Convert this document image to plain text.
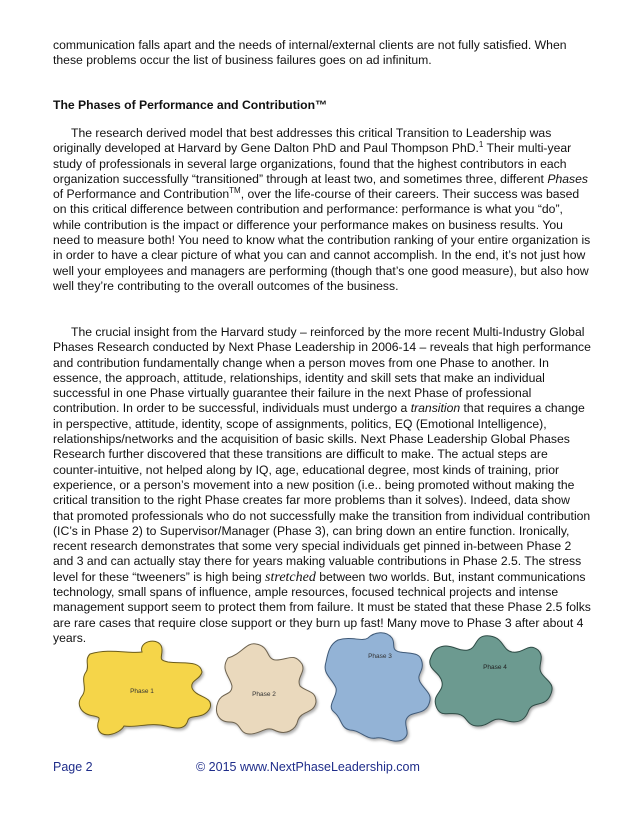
communication falls apart and the needs of internal/external clients are not fully satisfied. When these problems occur the list of business failures goes on ad infinitum.

The Phases of Performance and Contribution™

The research derived model that best addresses this critical Transition to Leadership was originally developed at Harvard by Gene Dalton PhD and Paul Thompson PhD.$^1$ Their multi-year study of professionals in several large organizations, found that the highest contributors in each organization successfully “transitioned” through at least two, and sometimes three, different Phases of Performance and Contribution™, over the life-course of their careers. Their success was based on this critical difference between contribution and performance: performance is what you “do”, while contribution is the impact or difference your performance makes on business results. You need to measure both! You need to know what the contribution ranking of your entire organization is in order to have a clear picture of what you can and cannot accomplish. In the end, it’s not just how well your employees and managers are performing (though that’s one good measure), but also how well they’re contributing to the overall outcomes of the business.

The crucial insight from the Harvard study – reinforced by the more recent Multi-Industry Global Phases Research conducted by Next Phase Leadership in 2006-14 – reveals that high performance and contribution fundamentally change when a person moves from one Phase to another. In essence, the approach, attitude, relationships, identity and skill sets that make an individual successful in one Phase virtually guarantee their failure in the next Phase of professional contribution. In order to be successful, individuals must undergo a transition that requires a change in perspective, attitude, identity, scope of assignments, politics, EQ (Emotional Intelligence), relationships/networks and the acquisition of basic skills. Next Phase Leadership Global Phases Research further discovered that these transitions are difficult to make. The actual steps are counter-intuitive, not helped along by IQ, age, educational degree, most kinds of training, prior experience, or a person’s movement into a new position (i.e.. being promoted without making the critical transition to the right Phase creates far more problems than it solves). Indeed, data show that promoted professionals who do not successfully make the transition from individual contribution (IC’s in Phase 2) to Supervisor/Manager (Phase 3), can bring down an entire function. Ironically, recent research demonstrates that some very special individuals get pinned in-between Phase 2 and 3 and can actually stay there for years making valuable contributions in Phase 2.5. The stress level for these “tweeners” is high being stretched between two worlds. But, instant communications technology, small spans of influence, ample resources, focused technical projects and intense management support seem to protect them from failure. It must be stated that these Phase 2.5 folks are rare cases that require close support or they burn up fast! Many move to Phase 3 after about 4 years.

Phase 1	Phase 2
Phase 3
Phase 4
Page 2	© 2015 www.NextPhaseLeadership.com
